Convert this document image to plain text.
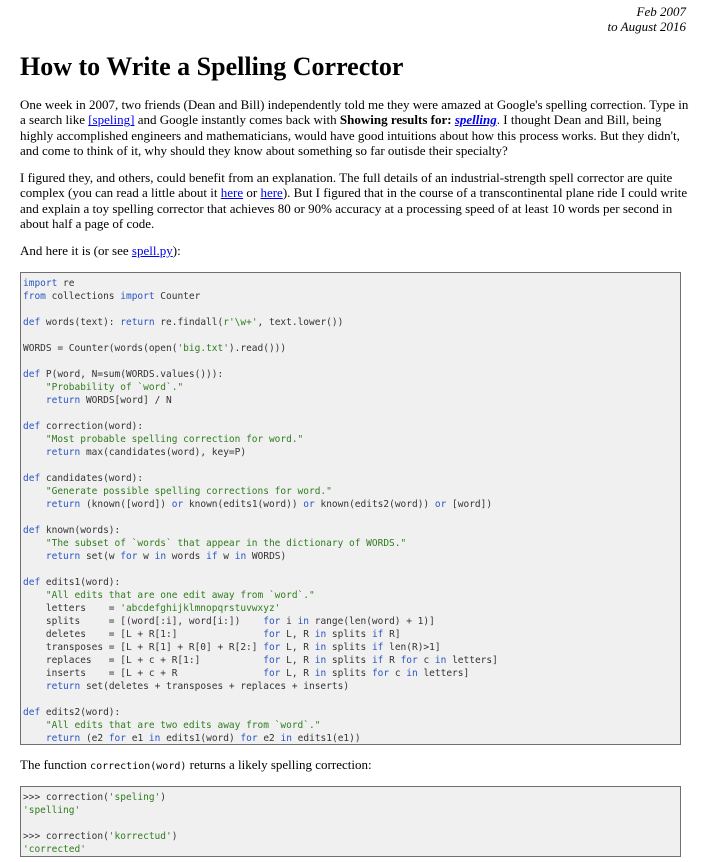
Feb 2007
to August 2016
How to Write a Spelling Corrector

One week in 2007, two friends (Dean and Bill) independently told me they were amazed at Google's spelling correction. Type in a search like [speling] and Google instantly comes back with Showing results for: spelling. I thought Dean and Bill, being highly accomplished engineers and mathematicians, would have good intuitions about how this process works. But they didn't, and come to think of it, why should they know about something so far outisde their specialty?

I figured they, and others, could benefit from an explanation. The full details of an industrial-strength spell corrector are quite complex (you can read a little about it here or here). But I figured that in the course of a transcontinental plane ride I could write and explain a toy spelling corrector that achieves 80 or 90% accuracy at a processing speed of at least 10 words per second in about half a page of code.

And here it is (or see spell.py):

import re
from collections import Counter

def words(text): return re.findall(r'\w+', text.lower())

WORDS = Counter(words(open('big.txt').read()))

def P(word, N=sum(WORDS.values())):
"Probability of `word`."
return WORDS[word] / N

def correction(word):
"Most probable spelling correction for word."
return max(candidates(word), key=P)

def candidates(word):
"Generate possible spelling corrections for word."
return (known([word]) or known(edits1(word)) or known(edits2(word)) or [word])

def known(words):
"The subset of `words` that appear in the dictionary of WORDS."
return set(w for w in words if w in WORDS)

def edits1(word):
"All edits that are one edit away from `word`."
letters    = 'abcdefghijklmnopqrstuvwxyz'
splits     = [(word[:i], word[i:])    for i in range(len(word) + 1)]
deletes    = [L + R[1:]               for L, R in splits if R]
transposes = [L + R[1] + R[0] + R[2:] for L, R in splits if len(R)>1]
replaces   = [L + c + R[1:]           for L, R in splits if R for c in letters]
inserts    = [L + c + R               for L, R in splits for c in letters]
return set(deletes + transposes + replaces + inserts)

def edits2(word):
"All edits that are two edits away from `word`."
return (e2 for e1 in edits1(word) for e2 in edits1(e1))

The function correction(word) returns a likely spelling correction:

>>> correction('speling')
'spelling'

>>> correction('korrectud')
'corrected'
